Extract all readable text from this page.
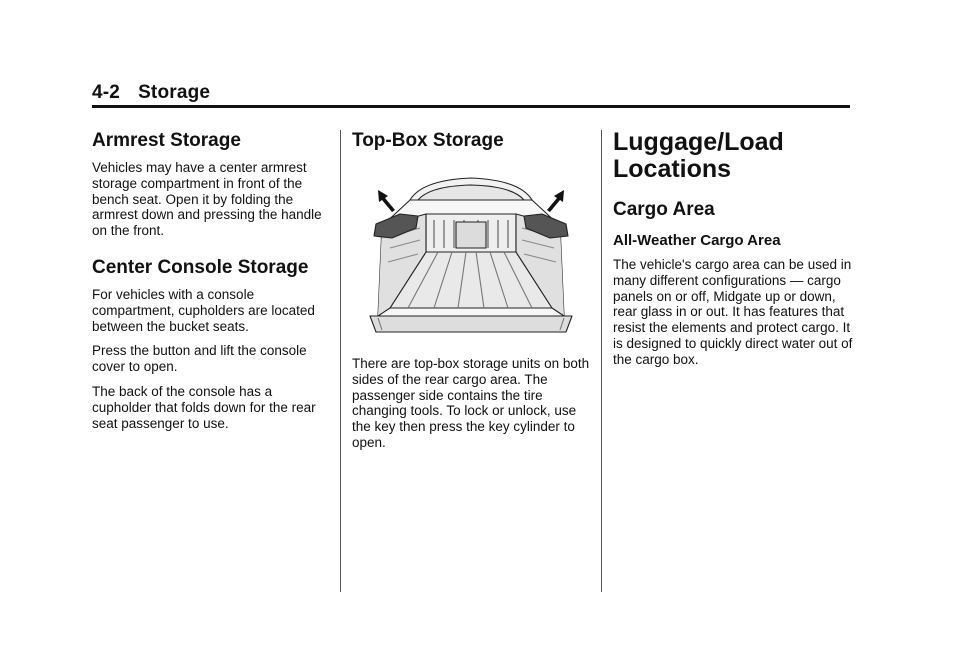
4-2 Storage
Armrest Storage

Vehicles may have a center armrest storage compartment in front of the bench seat. Open it by folding the armrest down and pressing the handle on the front.

Center Console Storage

For vehicles with a console compartment, cupholders are located between the bucket seats.

Press the button and lift the console cover to open.

The back of the console has a cupholder that folds down for the rear seat passenger to use.

Top-Box Storage

There are top-box storage units on both sides of the rear cargo area. The passenger side contains the tire changing tools. To lock or unlock, use the key then press the key cylinder to open.

Luggage/Load
Locations
Cargo Area
All-Weather Cargo Area

The vehicle's cargo area can be used in many different configurations — cargo panels on or off, Midgate up or down, rear glass in or out. It has features that resist the elements and protect cargo. It is designed to quickly direct water out of the cargo box.
